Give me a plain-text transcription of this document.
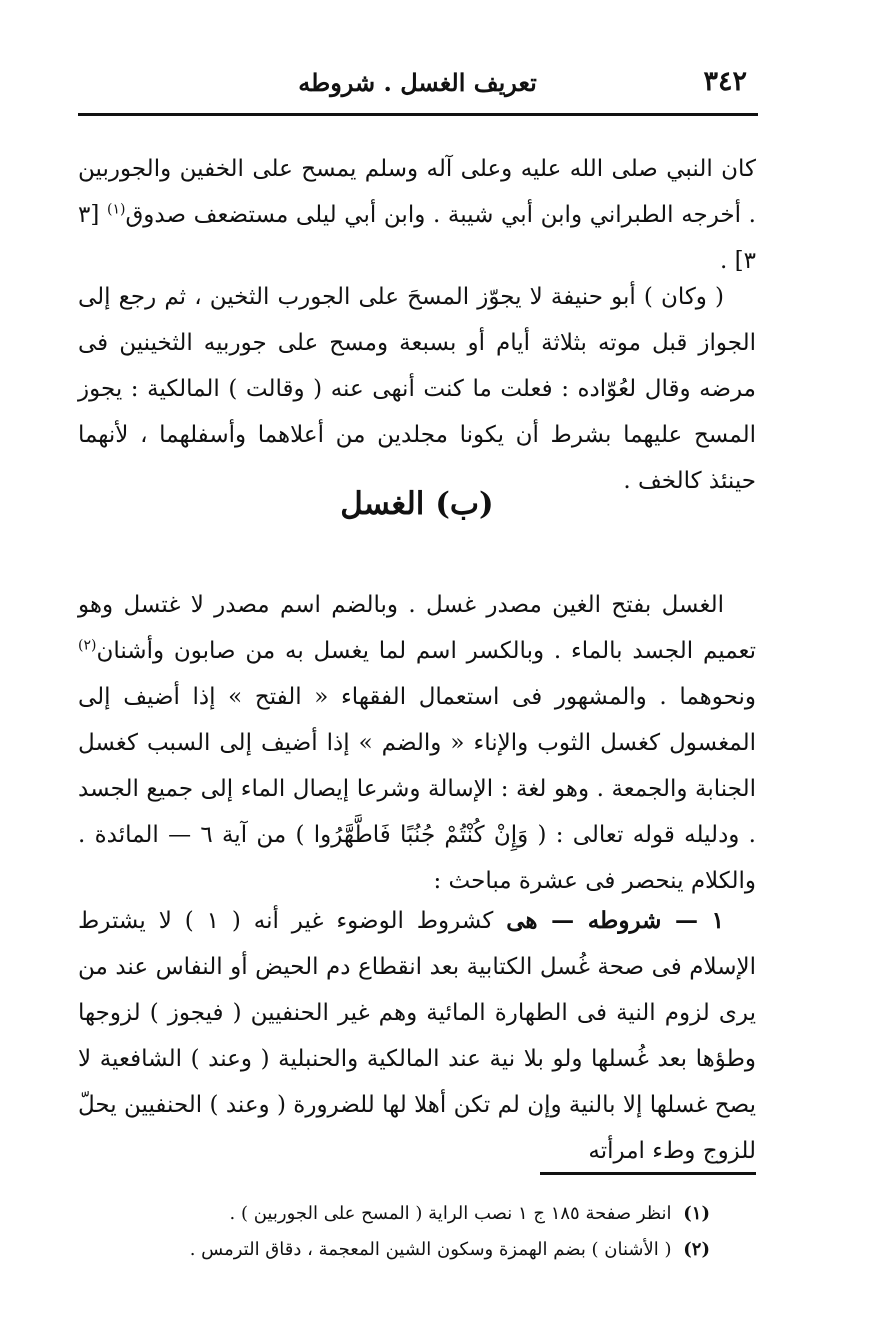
٣٤٢
تعريف الغسل . شروطه

كان النبي صلى الله عليه وعلى آله وسلم يمسح على الخفين والجوربين . أخرجه الطبراني وابن أبي شيبة . وابن أبي ليلى مستضعف صدوق$^{(١)}$ [٣ ٣] .

( وكان ) أبو حنيفة لا يجوّز المسحَ على الجورب الثخين ، ثم رجع إلى الجواز قبل موته بثلاثة أيام أو بسبعة ومسح على جوربيه الثخينين فى مرضه وقال لعُوّاده : فعلت ما كنت أنهى عنه ( وقالت ) المالكية : يجوز المسح عليهما بشرط أن يكونا مجلدين من أعلاهما وأسفلهما ، لأنهما حينئذ كالخف .

(ب) الغسل

الغسل بفتح الغين مصدر غسل . وبالضم اسم مصدر لا غتسل وهو تعميم الجسد بالماء . وبالكسر اسم لما يغسل به من صابون وأشنان$^{(٢)}$ ونحوهما . والمشهور فى استعمال الفقهاء « الفتح » إذا أضيف إلى المغسول كغسل الثوب والإناء « والضم » إذا أضيف إلى السبب كغسل الجنابة والجمعة . وهو لغة : الإسالة وشرعا إيصال الماء إلى جميع الجسد . ودليله قوله تعالى : ( وَإِنْ كُنْتُمْ جُنُبًا فَاطَّهَّرُوا ) من آية ٦ — المائدة . والكلام ينحصر فى عشرة مباحث :

١ — شروطه — هى كشروط الوضوء غير أنه ( ١ ) لا يشترط الإسلام فى صحة غُسل الكتابية بعد انقطاع دم الحيض أو النفاس عند من يرى لزوم النية فى الطهارة المائية وهم غير الحنفيين ( فيجوز ) لزوجها وطؤها بعد غُسلها ولو بلا نية عند المالكية والحنبلية ( وعند ) الشافعية لا يصح غسلها إلا بالنية وإن لم تكن أهلا لها للضرورة ( وعند ) الحنفيين يحلّ للزوج وطء امرأته

(١) انظر صفحة ١٨٥ ج ١ نصب الراية ( المسح على الجوربين ) .

(٢) ( الأشنان ) بضم الهمزة وسكون الشين المعجمة ، دقاق الترمس .
